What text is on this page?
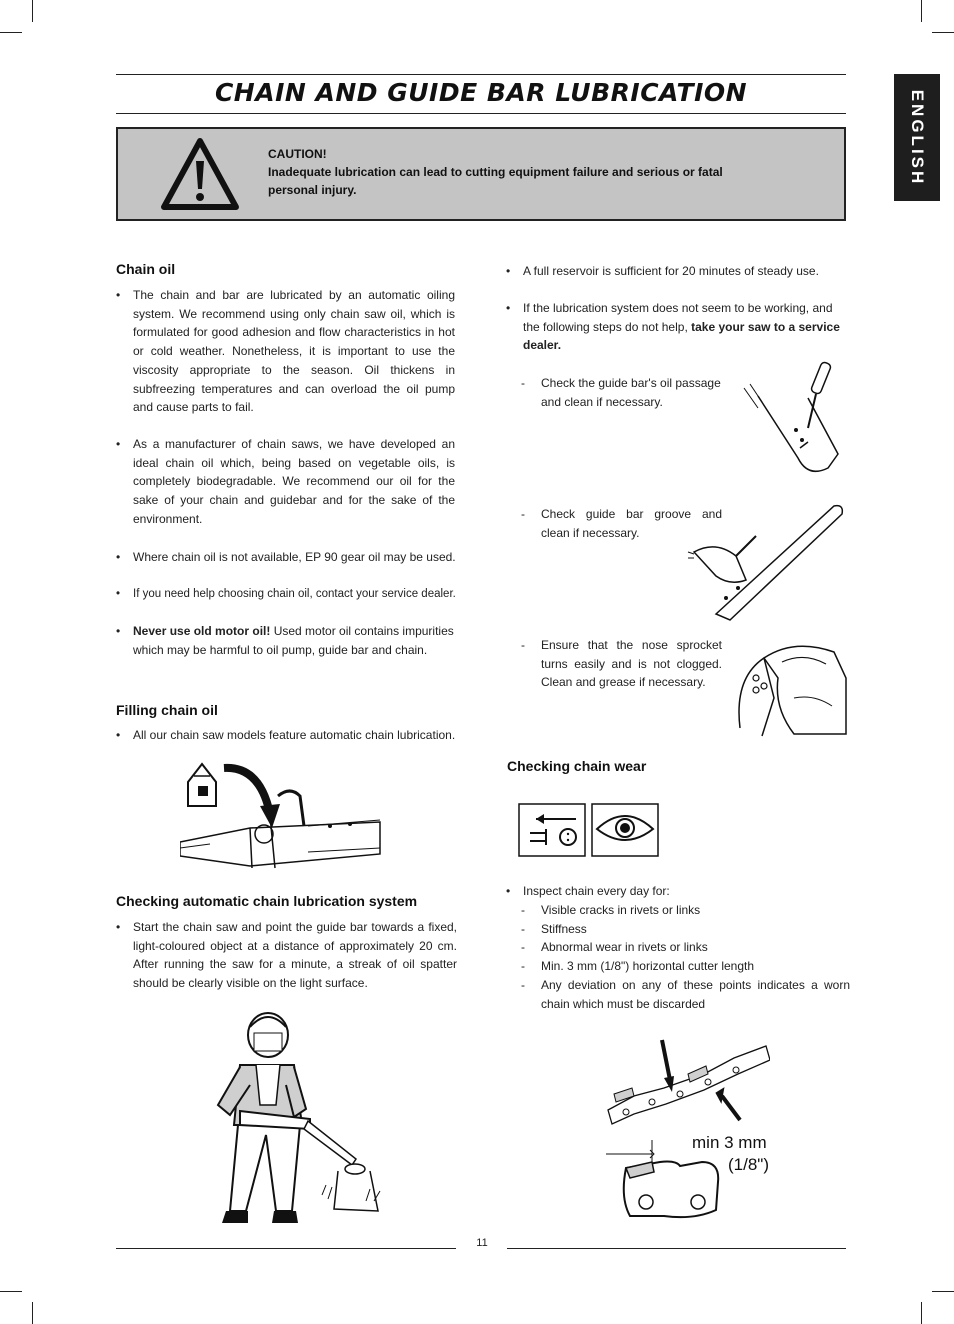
CHAIN AND GUIDE BAR LUBRICATION	ENGLISH
CAUTION!
Inadequate lubrication can lead to cutting equipment failure and serious or fatal personal injury.
Chain oil
• The chain and bar are lubricated by an automatic oiling system. We recommend using only chain saw oil, which is formulated for good adhesion and flow characteristics in hot or cold weather. Nonetheless, it is important to use the viscosity appropriate to the season. Oil thickens in subfreezing temperatures and can overload the oil pump and cause parts to fail.
• As a manufacturer of chain saws, we have developed an ideal chain oil which, being based on vegetable oils, is completely biodegradable. We recommend our oil for the sake of your chain and guidebar and for the sake of the environment.
• Where chain oil is not available, EP 90 gear oil may be used.
• If you need help choosing chain oil, contact your service dealer.
• Never use old motor oil! Used motor oil contains impurities which may be harmful to oil pump, guide bar and chain.
Filling chain oil
• All our chain saw models feature automatic chain lubrication.
Checking automatic chain lubrication system
• Start the chain saw and point the guide bar towards a fixed, light-coloured object at a distance of approximately 20 cm. After running the saw for a minute, a streak of oil spatter should be clearly visible on the light surface.
• A full reservoir is sufficient for 20 minutes of steady use.
• If the lubrication system does not seem to be working, and the following steps do not help, take your saw to a service dealer.
- Check the guide bar's oil passage and clean if necessary.
- Check guide bar groove and clean if necessary.
- Ensure that the nose sprocket turns easily and is not clogged. Clean and grease if necessary.
Checking chain wear
• Inspect chain every day for:
- Visible cracks in rivets or links
- Stiffness
- Abnormal wear in rivets or links
- Min. 3 mm (1/8") horizontal cutter length
- Any deviation on any of these points indicates a worn chain which must be discarded
min 3 mm
(1/8")
11
